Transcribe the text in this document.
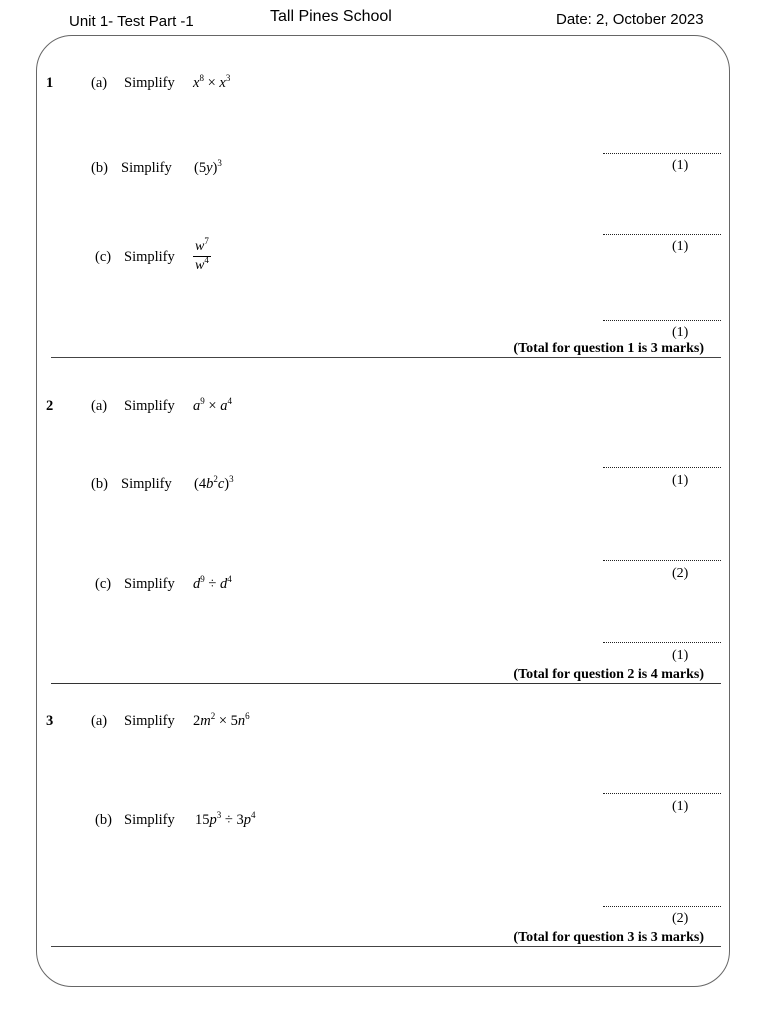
Unit 1- Test Part -1	Tall Pines School	Date: 2, October 2023
1	(a) Simplify $x^8 \times x^3$
(1)
(b) Simplify $(5y)^3$
(1)
(c) Simplify
$w^7$
$w^4$
(1)
(Total for question 1 is 3 marks)
2	(a) Simplify $a^9 \times a^4$
(1)
(b) Simplify $(4b^2c)^3$
(2)
(c) Simplify $d^9 \div d^4$
(1)
(Total for question 2 is 4 marks)
3	(a) Simplify $2m^2 \times 5n^6$
(1)
(b) Simplify $15p^3 \div 3p^4$
(2)
(Total for question 3 is 3 marks)
